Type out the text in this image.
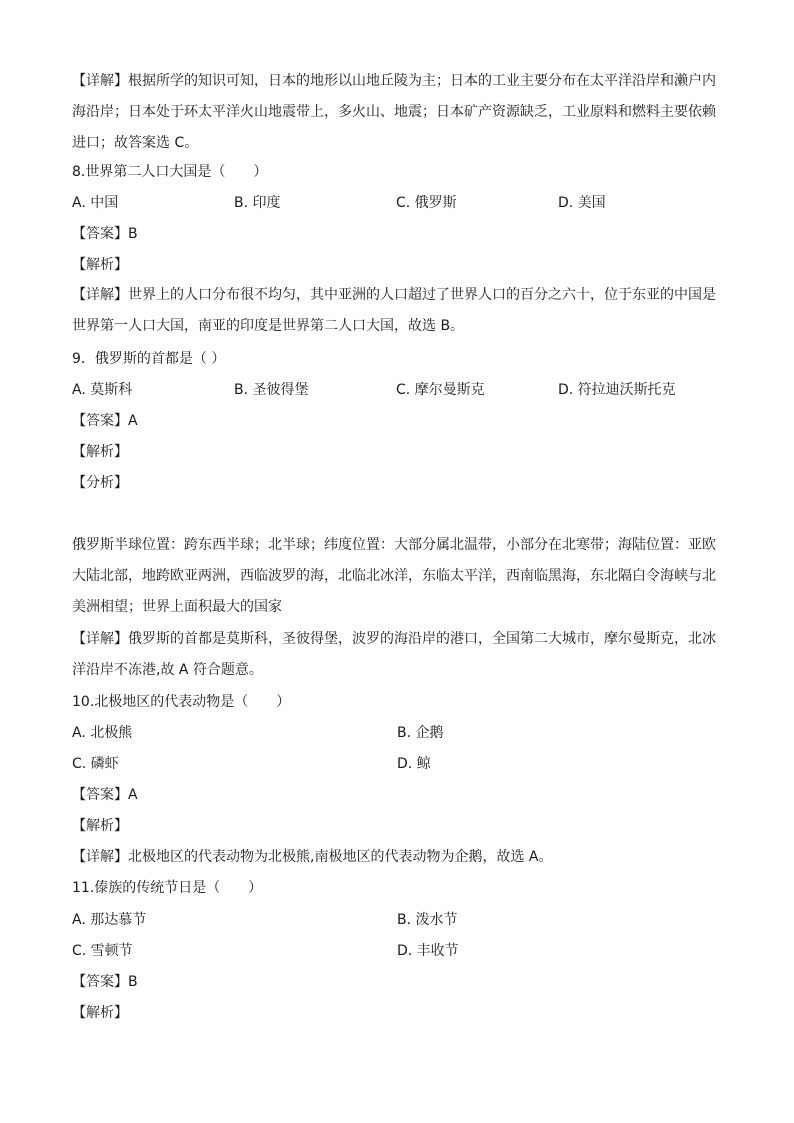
【详解】根据所学的知识可知，日本的地形以山地丘陵为主；日本的工业主要分布在太平洋沿岸和濑户内海沿岸；日本处于环太平洋火山地震带上，多火山、地震；日本矿产资源缺乏，工业原料和燃料主要依赖进口；故答案选 C。
8.世界第二人口大国是（　　）
A. 中国	B. 印度	C. 俄罗斯	D. 美国
【答案】B
【解析】
【详解】世界上的人口分布很不均匀，其中亚洲的人口超过了世界人口的百分之六十，位于东亚的中国是世界第一人口大国，南亚的印度是世界第二人口大国，故选 B。
9．俄罗斯的首都是（ ）
A. 莫斯科	B. 圣彼得堡	C. 摩尔曼斯克	D. 符拉迪沃斯托克
【答案】A
【解析】
【分析】
俄罗斯半球位置：跨东西半球；北半球；纬度位置：大部分属北温带，小部分在北寒带；海陆位置：亚欧大陆北部，地跨欧亚两洲，西临波罗的海，北临北冰洋，东临太平洋，西南临黑海，东北隔白令海峡与北美洲相望；世界上面积最大的国家
【详解】俄罗斯的首都是莫斯科，圣彼得堡，波罗的海沿岸的港口，全国第二大城市，摩尔曼斯克，北冰洋沿岸不冻港,故 A 符合题意。
10.北极地区的代表动物是（　　）
A. 北极熊	B. 企鹅
C. 磷虾	D. 鲸
【答案】A
【解析】
【详解】北极地区的代表动物为北极熊,南极地区的代表动物为企鹅，故选 A。
11.傣族的传统节日是（　　）
A. 那达慕节	B. 泼水节
C. 雪顿节	D. 丰收节
【答案】B
【解析】
